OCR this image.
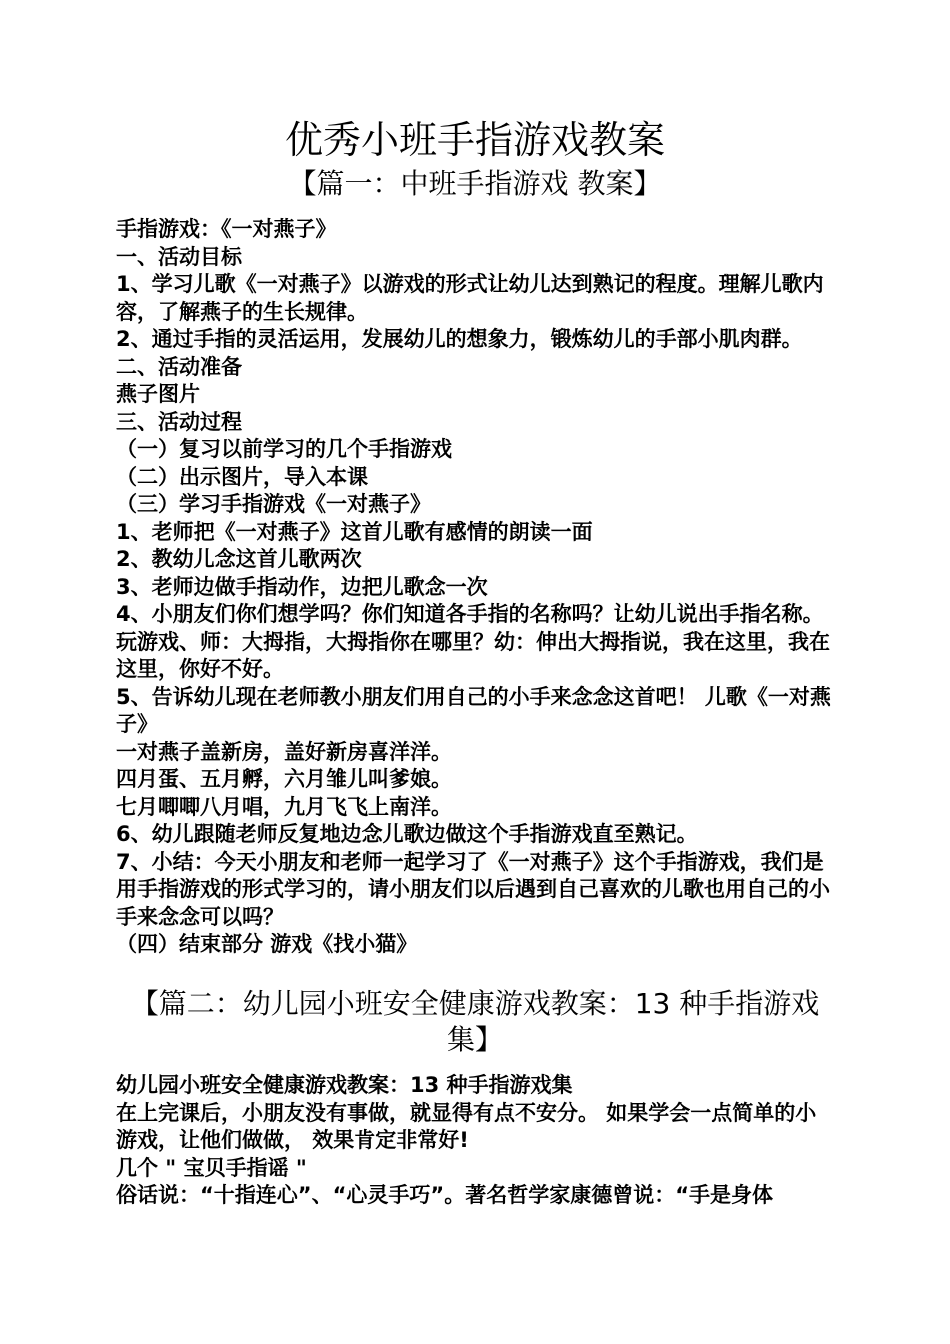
优秀小班手指游戏教案
【篇一：中班手指游戏 教案】
手指游戏：《一对燕子》
一、活动目标
1、学习儿歌《一对燕子》以游戏的形式让幼儿达到熟记的程度。理解儿歌内容，了解燕子的生长规律。
2、通过手指的灵活运用，发展幼儿的想象力，锻炼幼儿的手部小肌肉群。
二、活动准备
燕子图片
三、活动过程
（一）复习以前学习的几个手指游戏
（二）出示图片，导入本课
（三）学习手指游戏《一对燕子》
1、老师把《一对燕子》这首儿歌有感情的朗读一面
2、教幼儿念这首儿歌两次
3、老师边做手指动作，边把儿歌念一次
4、小朋友们你们想学吗？你们知道各手指的名称吗？让幼儿说出手指名称。玩游戏、师：大拇指，大拇指你在哪里？幼：伸出大拇指说，我在这里，我在这里，你好不好。
5、告诉幼儿现在老师教小朋友们用自己的小手来念念这首吧！ 儿歌《一对燕子》
一对燕子盖新房，盖好新房喜洋洋。
四月蛋、五月孵，六月雏儿叫爹娘。
七月唧唧八月唱，九月飞飞上南洋。
6、幼儿跟随老师反复地边念儿歌边做这个手指游戏直至熟记。
7、小结：今天小朋友和老师一起学习了《一对燕子》这个手指游戏，我们是用手指游戏的形式学习的，请小朋友们以后遇到自己喜欢的儿歌也用自己的小手来念念可以吗？
（四）结束部分 游戏《找小猫》
【篇二：幼儿园小班安全健康游戏教案：13 种手指游戏集】
幼儿园小班安全健康游戏教案：13 种手指游戏集
在上完课后，小朋友没有事做，就显得有点不安分。 如果学会一点简单的小游戏，让他们做做， 效果肯定非常好!
几个 " 宝贝手指谣 "
俗话说：“十指连心”、“心灵手巧”。著名哲学家康德曾说：“手是身体
